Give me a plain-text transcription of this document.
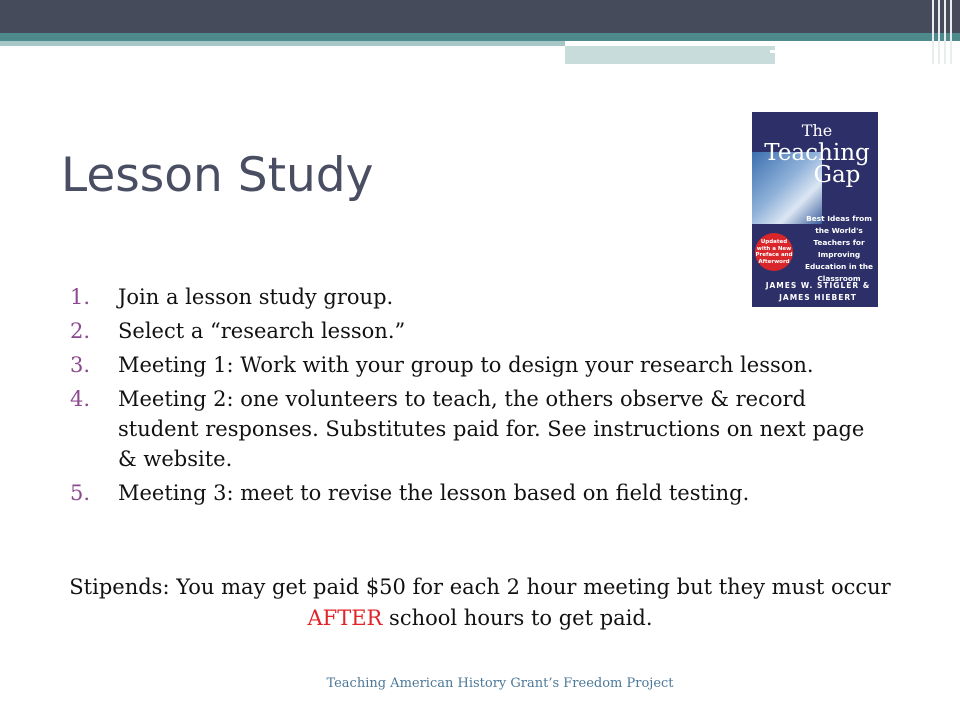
Lesson Study
The
Teaching
Gap
Best Ideas from the World's Teachers for Improving Education in the Classroom
Updated with a New Preface and Afterword
JAMES W. STIGLER & JAMES HIEBERT
1. Join a lesson study group.
2. Select a “research lesson.”
3. Meeting 1: Work with your group to design your research lesson.
4. Meeting 2: one volunteers to teach, the others observe & record student responses. Substitutes paid for. See instructions on next page & website.
5. Meeting 3: meet to revise the lesson based on field testing.
Stipends: You may get paid $50 for each 2 hour meeting but they must occur AFTER school hours to get paid.
Teaching American History Grant’s Freedom Project
